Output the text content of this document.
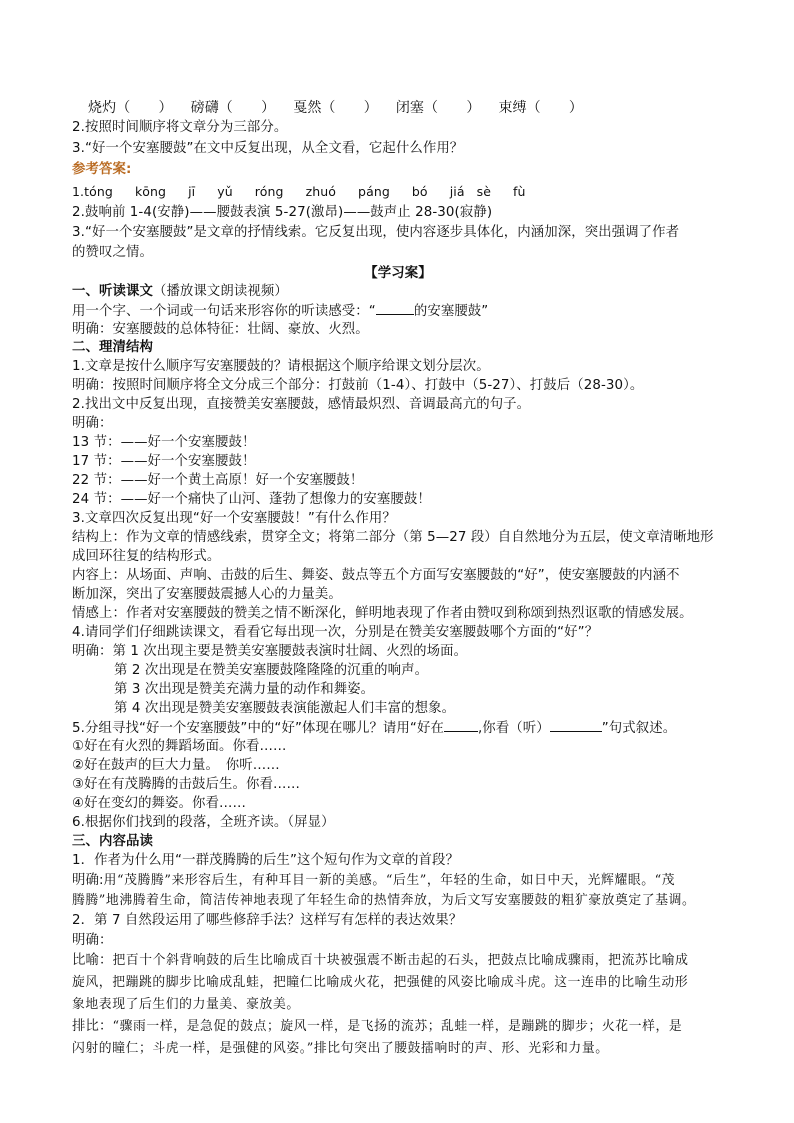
烧灼（　　） 磅礴（　　） 戛然（　　） 闭塞（　　） 束缚（　　）
2.按照时间顺序将文章分为三部分。
3.“好一个安塞腰鼓”在文中反复出现，从全文看，它起什么作用？
参考答案:
1.tóng kōng jī yǔ róng zhuó páng bó jiá sè fù
2.鼓响前 1-4(安静)——腰鼓表演 5-27(激昂)——鼓声止 28-30(寂静)
3.“好一个安塞腰鼓”是文章的抒情线索。它反复出现，使内容逐步具体化，内涵加深，突出强调了作者
的赞叹之情。
【学习案】
一、听读课文（播放课文朗读视频）
用一个字、一个词或一句话来形容你的听读感受：“	的安塞腰鼓”
明确：安塞腰鼓的总体特征：壮阔、豪放、火烈。
二、理清结构
1.文章是按什么顺序写安塞腰鼓的？请根据这个顺序给课文划分层次。
明确：按照时间顺序将全文分成三个部分：打鼓前（1-4）、打鼓中（5-27）、打鼓后（28-30）。
2.找出文中反复出现，直接赞美安塞腰鼓，感情最炽烈、音调最高亢的句子。
明确：
13 节：——好一个安塞腰鼓！
17 节：——好一个安塞腰鼓！
22 节：——好一个黄土高原！好一个安塞腰鼓！
24 节：——好一个痛快了山河、蓬勃了想像力的安塞腰鼓！
3.文章四次反复出现“好一个安塞腰鼓！”有什么作用？
结构上：作为文章的情感线索，贯穿全文；将第二部分（第 5—27 段）自自然地分为五层，使文章清晰地形
成回环往复的结构形式。
内容上：从场面、声响、击鼓的后生、舞姿、鼓点等五个方面写安塞腰鼓的“好”，使安塞腰鼓的内涵不
断加深，突出了安塞腰鼓震撼人心的力量美。
情感上：作者对安塞腰鼓的赞美之情不断深化，鲜明地表现了作者由赞叹到称颂到热烈讴歌的情感发展。
4.请同学们仔细跳读课文，看看它每出现一次，分别是在赞美安塞腰鼓哪个方面的“好”？
明确：第 1 次出现主要是赞美安塞腰鼓表演时壮阔、火烈的场面。
第 2 次出现是在赞美安塞腰鼓隆隆隆的沉重的响声。
第 3 次出现是赞美充满力量的动作和舞姿。
第 4 次出现是赞美安塞腰鼓表演能激起人们丰富的想象。
5.分组寻找“好一个安塞腰鼓”中的“好”体现在哪儿？请用“好在	,你看（听）	”句式叙述。
①好在有火烈的舞蹈场面。你看……
②好在鼓声的巨大力量。　你听……
③好在有茂腾腾的击鼓后生。你看……
④好在变幻的舞姿。你看……
6.根据你们找到的段落，全班齐读。（屏显）
三、内容品读
1．作者为什么用“一群茂腾腾的后生”这个短句作为文章的首段？
明确:用“茂腾腾”来形容后生，有种耳目一新的美感。“后生”，年轻的生命，如日中天，光辉耀眼。“茂
腾腾”地沸腾着生命，简洁传神地表现了年轻生命的热情奔放，为后文写安塞腰鼓的粗犷豪放奠定了基调。
2．第 7 自然段运用了哪些修辞手法？这样写有怎样的表达效果？
明确：
比喻：把百十个斜背响鼓的后生比喻成百十块被强震不断击起的石头，把鼓点比喻成骤雨，把流苏比喻成
旋风，把蹦跳的脚步比喻成乱蛙，把瞳仁比喻成火花，把强健的风姿比喻成斗虎。这一连串的比喻生动形
象地表现了后生们的力量美、豪放美。
排比：“骤雨一样，是急促的鼓点；旋风一样，是飞扬的流苏；乱蛙一样，是蹦跳的脚步；火花一样，是
闪射的瞳仁；斗虎一样，是强健的风姿。”排比句突出了腰鼓擂响时的声、形、光彩和力量。
